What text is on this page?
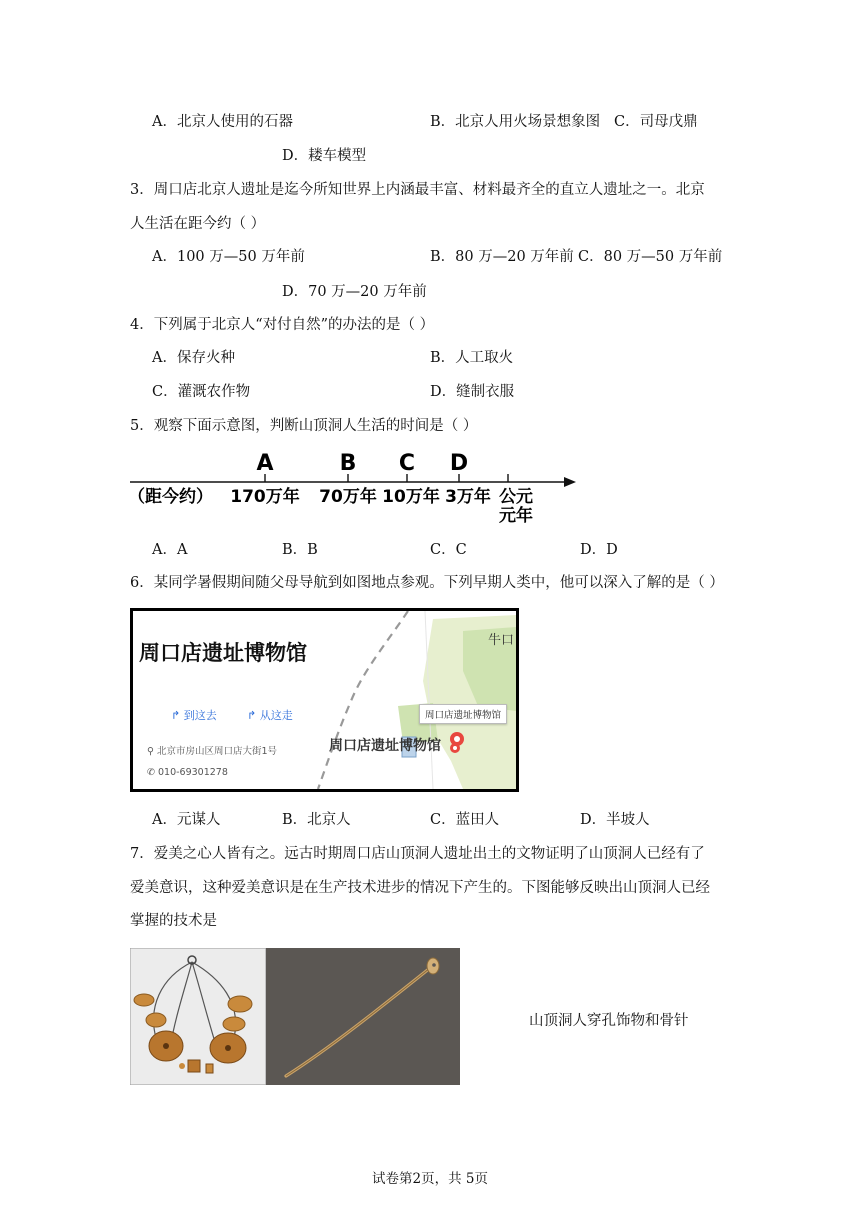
A．北京人使用的石器	B．北京人用火场景想象图 C．司母戊鼎
D．耧车模型
3．周口店北京人遗址是迄今所知世界上内涵最丰富、材料最齐全的直立人遗址之一。北京
人生活在距今约（ ）
A．100 万—50 万年前	B．80 万—20 万年前 C．80 万—50 万年前
D．70 万—20 万年前
4．下列属于北京人“对付自然”的办法的是（ ）
A．保存火种	B．人工取火
C．灌溉农作物	D．缝制衣服
5．观察下面示意图，判断山顶洞人生活的时间是（ ）
A	B C D
（距今约） 170万年 70万年 10万年 3万年 公元
元年
A．A	B．B	C．C	D．D
6．某同学暑假期间随父母导航到如图地点参观。下列早期人类中，他可以深入了解的是（ ）
牛口
周口店遗址博物馆
↱ 到这去	↱ 从这走
⚲ 北京市房山区周口店大街1号
✆ 010-69301278
周口店遗址博物馆
周口店遗址博物馆
A．元谋人	B．北京人	C．蓝田人	D．半坡人
7．爱美之心人皆有之。远古时期周口店山顶洞人遗址出土的文物证明了山顶洞人已经有了
爱美意识，这种爱美意识是在生产技术进步的情况下产生的。下图能够反映出山顶洞人已经
掌握的技术是
山顶洞人穿孔饰物和骨针
试卷第2页，共 5页
